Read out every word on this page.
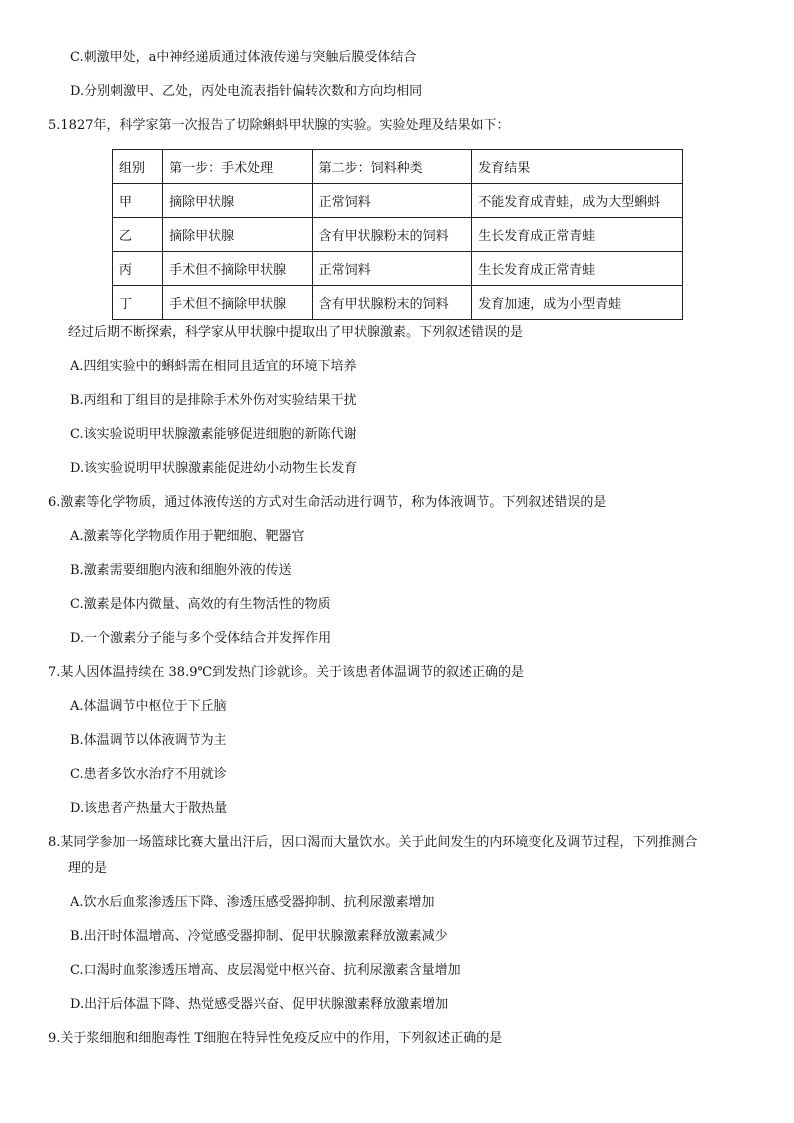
C.刺激甲处，a中神经递质通过体液传递与突触后膜受体结合
D.分别刺激甲、乙处，丙处电流表指针偏转次数和方向均相同
5.1827年，科学家第一次报告了切除蝌蚪甲状腺的实验。实验处理及结果如下：
组别	第一步：手术处理	第二步：饲料种类	发育结果
甲	摘除甲状腺	正常饲料	不能发育成青蛙，成为大型蝌蚪
乙	摘除甲状腺	含有甲状腺粉末的饲料	生长发育成正常青蛙
丙	手术但不摘除甲状腺	正常饲料	生长发育成正常青蛙
丁	手术但不摘除甲状腺	含有甲状腺粉末的饲料	发育加速，成为小型青蛙
经过后期不断探索，科学家从甲状腺中提取出了甲状腺激素。下列叙述错误的是
A.四组实验中的蝌蚪需在相同且适宜的环境下培养
B.丙组和丁组目的是排除手术外伤对实验结果干扰
C.该实验说明甲状腺激素能够促进细胞的新陈代谢
D.该实验说明甲状腺激素能促进幼小动物生长发育
6.激素等化学物质，通过体液传送的方式对生命活动进行调节，称为体液调节。下列叙述错误的是
A.激素等化学物质作用于靶细胞、靶器官
B.激素需要细胞内液和细胞外液的传送
C.激素是体内微量、高效的有生物活性的物质
D.一个激素分子能与多个受体结合并发挥作用
7.某人因体温持续在 38.9℃到发热门诊就诊。关于该患者体温调节的叙述正确的是
A.体温调节中枢位于下丘脑
B.体温调节以体液调节为主
C.患者多饮水治疗不用就诊
D.该患者产热量大于散热量
8.某同学参加一场篮球比赛大量出汗后，因口渴而大量饮水。关于此间发生的内环境变化及调节过程，下列推测合
理的是
A.饮水后血浆渗透压下降、渗透压感受器抑制、抗利尿激素增加
B.出汗时体温增高、冷觉感受器抑制、促甲状腺激素释放激素减少
C.口渴时血浆渗透压增高、皮层渴觉中枢兴奋、抗利尿激素含量增加
D.出汗后体温下降、热觉感受器兴奋、促甲状腺激素释放激素增加
9.关于浆细胞和细胞毒性 T细胞在特异性免疫反应中的作用，下列叙述正确的是
